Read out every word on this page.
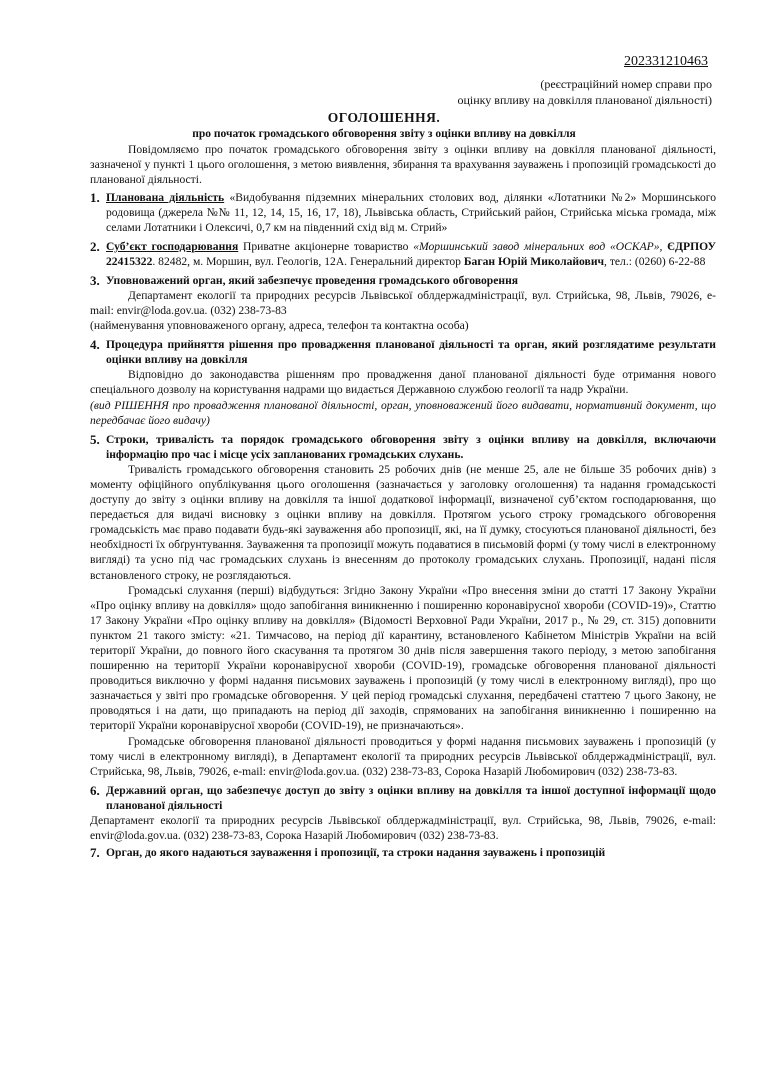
202331210463
(реєстраційний номер справи про
оцінку впливу на довкілля планованої діяльності)
ОГОЛОШЕННЯ.
про початок громадського обговорення звіту з оцінки впливу на довкілля

Повідомляємо про початок громадського обговорення звіту з оцінки впливу на довкілля планованої діяльності, зазначеної у пункті 1 цього оголошення, з метою виявлення, збирання та врахування зауважень і пропозицій громадськості до планованої діяльності.

1. Планована діяльність «Видобування підземних мінеральних столових вод, ділянки «Лотатники №2» Моршинського родовища (джерела №№ 11, 12, 14, 15, 16, 17, 18), Львівська область, Стрийський район, Стрийська міська громада, між селами Лотатники і Олексичі, 0,7 км на південний схід від м. Стрий»
2. Суб’єкт господарювання Приватне акціонерне товариство «Моршинський завод мінеральних вод «ОСКАР», ЄДРПОУ 22415322. 82482, м. Моршин, вул. Геологів, 12А. Генеральний директор Баган Юрій Миколайович, тел.: (0260) 6-22-88
3. Уповноважений орган, який забезпечує проведення громадського обговорення

Департамент екології та природних ресурсів Львівської облдержадміністрації, вул. Стрийська, 98, Львів, 79026, e-mail: envir@loda.gov.ua. (032) 238-73-83

(найменування уповноваженого органу, адреса, телефон та контактна особа)

4. Процедура прийняття рішення про провадження планованої діяльності та орган, який розглядатиме результати оцінки впливу на довкілля

Відповідно до законодавства рішенням про провадження даної планованої діяльності буде отримання нового спеціального дозволу на користування надрами що видається Державною службою геології та надр України.

(вид РІШЕННЯ про провадження планованої діяльності, орган, уповноважений його видавати, нормативний документ, що передбачає його видачу)

5. Строки, тривалість та порядок громадського обговорення звіту з оцінки впливу на довкілля, включаючи інформацію про час і місце усіх запланованих громадських слухань.

Тривалість громадського обговорення становить 25 робочих днів (не менше 25, але не більше 35 робочих днів) з моменту офіційного опублікування цього оголошення (зазначається у заголовку оголошення) та надання громадськості доступу до звіту з оцінки впливу на довкілля та іншої додаткової інформації, визначеної суб’єктом господарювання, що передається для видачі висновку з оцінки впливу на довкілля. Протягом усього строку громадського обговорення громадськість має право подавати будь-які зауваження або пропозиції, які, на її думку, стосуються планованої діяльності, без необхідності їх обґрунтування. Зауваження та пропозиції можуть подаватися в письмовій формі (у тому числі в електронному вигляді) та усно під час громадських слухань із внесенням до протоколу громадських слухань. Пропозиції, надані після встановленого строку, не розглядаються.

Громадські слухання (перші) відбудуться: Згідно Закону України «Про внесення зміни до статті 17 Закону України «Про оцінку впливу на довкілля» щодо запобігання виникненню і поширенню коронавірусної хвороби (COVID-19)», Статтю 17 Закону України «Про оцінку впливу на довкілля» (Відомості Верховної Ради України, 2017 р., № 29, ст. 315) доповнити пунктом 21 такого змісту: «21. Тимчасово, на період дії карантину, встановленого Кабінетом Міністрів України на всій території України, до повного його скасування та протягом 30 днів після завершення такого періоду, з метою запобігання поширенню на території України коронавірусної хвороби (COVID-19), громадське обговорення планованої діяльності проводиться виключно у формі надання письмових зауважень і пропозицій (у тому числі в електронному вигляді), про що зазначається у звіті про громадське обговорення. У цей період громадські слухання, передбачені статтею 7 цього Закону, не проводяться і на дати, що припадають на період дії заходів, спрямованих на запобігання виникненню і поширенню на території України коронавірусної хвороби (COVID-19), не призначаються».

Громадське обговорення планованої діяльності проводиться у формі надання письмових зауважень і пропозицій (у тому числі в електронному вигляді), в Департамент екології та природних ресурсів Львівської облдержадміністрації, вул. Стрийська, 98, Львів, 79026, e-mail: envir@loda.gov.ua. (032) 238-73-83, Сорока Назарій Любомирович (032) 238-73-83.

6. Державний орган, що забезпечує доступ до звіту з оцінки впливу на довкілля та іншої доступної інформації щодо планованої діяльності

Департамент екології та природних ресурсів Львівської облдержадміністрації, вул. Стрийська, 98, Львів, 79026, e-mail: envir@loda.gov.ua. (032) 238-73-83, Сорока Назарій Любомирович (032) 238-73-83.

7. Орган, до якого надаються зауваження і пропозиції, та строки надання зауважень і пропозицій
